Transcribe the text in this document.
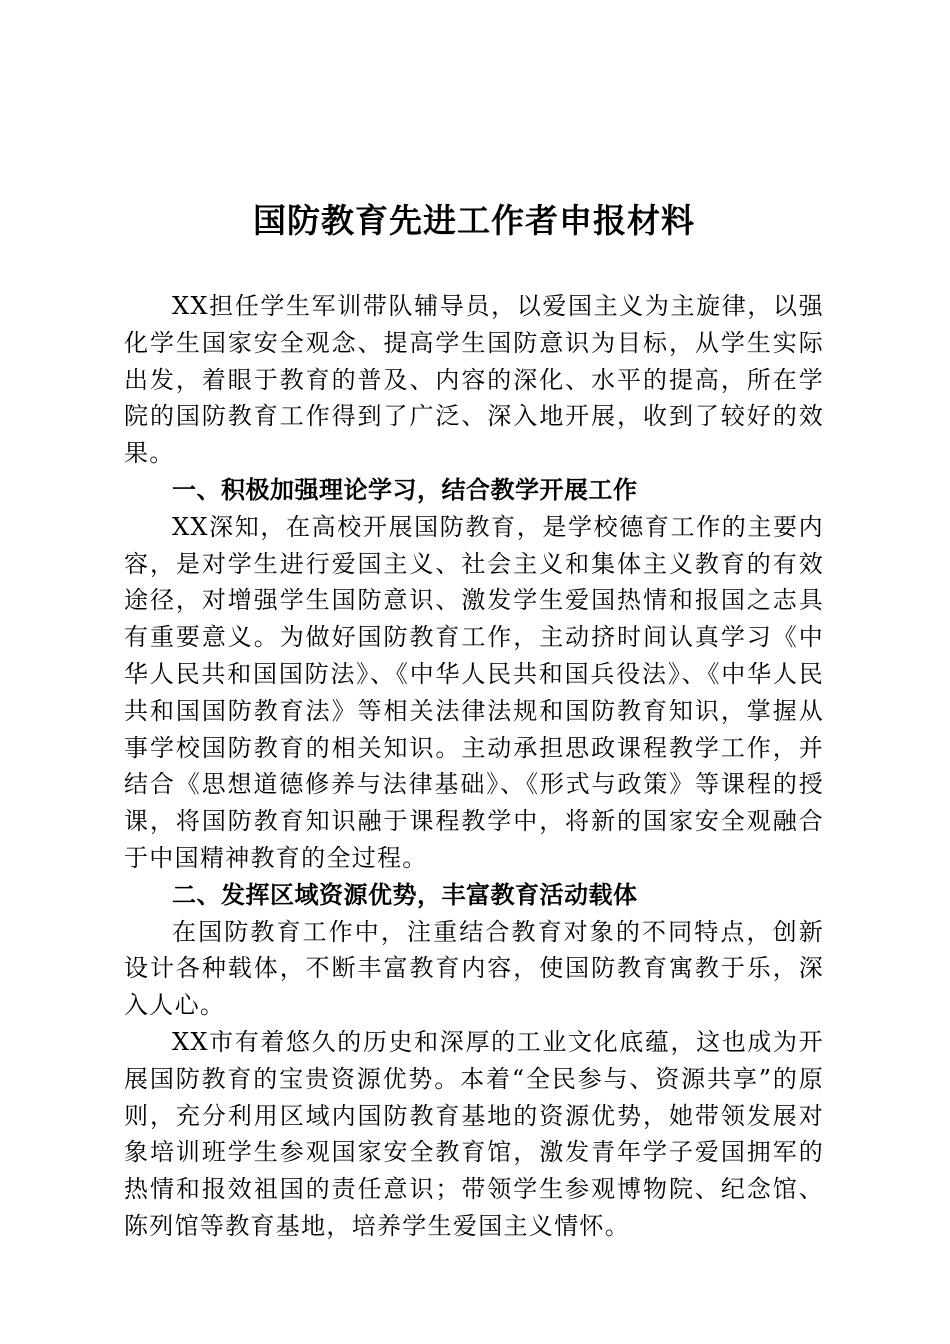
国防教育先进工作者申报材料

XX担任学生军训带队辅导员，以爱国主义为主旋律，以强化学生国家安全观念、提高学生国防意识为目标，从学生实际出发，着眼于教育的普及、内容的深化、水平的提高，所在学院的国防教育工作得到了广泛、深入地开展，收到了较好的效果。

一、积极加强理论学习，结合教学开展工作

XX深知，在高校开展国防教育，是学校德育工作的主要内容，是对学生进行爱国主义、社会主义和集体主义教育的有效途径，对增强学生国防意识、激发学生爱国热情和报国之志具有重要意义。为做好国防教育工作，主动挤时间认真学习《中华人民共和国国防法》、《中华人民共和国兵役法》、《中华人民共和国国防教育法》等相关法律法规和国防教育知识，掌握从事学校国防教育的相关知识。主动承担思政课程教学工作，并结合《思想道德修养与法律基础》、《形式与政策》等课程的授课，将国防教育知识融于课程教学中，将新的国家安全观融合于中国精神教育的全过程。

二、发挥区域资源优势，丰富教育活动载体

在国防教育工作中，注重结合教育对象的不同特点，创新设计各种载体，不断丰富教育内容，使国防教育寓教于乐，深入人心。

XX市有着悠久的历史和深厚的工业文化底蕴，这也成为开展国防教育的宝贵资源优势。本着“全民参与、资源共享”的原则，充分利用区域内国防教育基地的资源优势，她带领发展对象培训班学生参观国家安全教育馆，激发青年学子爱国拥军的热情和报效祖国的责任意识；带领学生参观博物院、纪念馆、陈列馆等教育基地，培养学生爱国主义情怀。
